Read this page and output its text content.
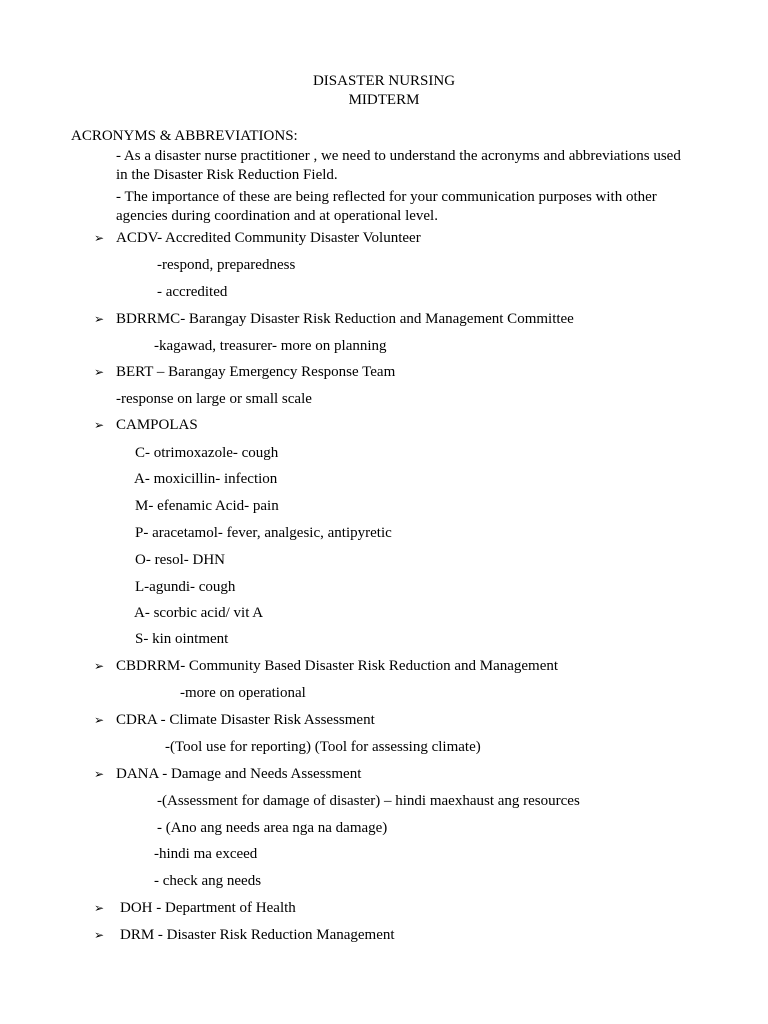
DISASTER NURSING
MIDTERM
ACRONYMS & ABBREVIATIONS:
- As a disaster nurse practitioner , we need to understand the acronyms and abbreviations used in the Disaster Risk Reduction Field.
- The importance of these are being reflected for your communication purposes with other agencies during coordination and at operational level.
➢ ACDV- Accredited Community Disaster Volunteer
-respond, preparedness
- accredited
➢ BDRRMC- Barangay Disaster Risk Reduction and Management Committee
-kagawad, treasurer- more on planning
➢ BERT – Barangay Emergency Response Team
-response on large or small scale
➢ CAMPOLAS
C- otrimoxazole- cough
A- moxicillin- infection
M- efenamic Acid- pain
P- aracetamol- fever, analgesic, antipyretic
O- resol- DHN
L-agundi- cough
A- scorbic acid/ vit A
S- kin ointment
➢ CBDRRM- Community Based Disaster Risk Reduction and Management
-more on operational
➢ CDRA - Climate Disaster Risk Assessment
-(Tool use for reporting) (Tool for assessing climate)
➢ DANA - Damage and Needs Assessment
-(Assessment for damage of disaster) – hindi maexhaust ang resources
- (Ano ang needs area nga na damage)
-hindi ma exceed
- check ang needs
➢ DOH - Department of Health
➢ DRM - Disaster Risk Reduction Management
